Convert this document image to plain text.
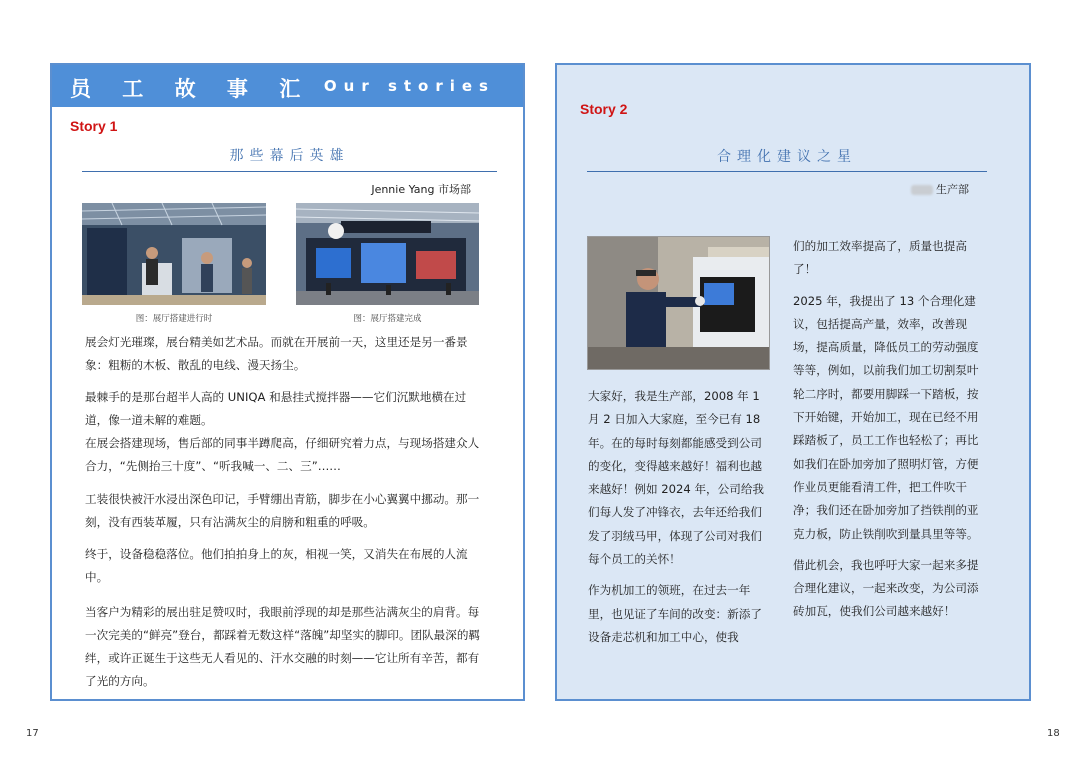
员 工 故 事 汇 Our stories
Story 1
那些幕后英雄
Jennie Yang 市场部
图：展厅搭建进行时	图：展厅搭建完成
展会灯光璀璨，展台精美如艺术品。而就在开展前一天，这里还是另一番景象：粗粝的木板、散乱的电线、漫天扬尘。
最棘手的是那台超半人高的 UNIQA 和悬挂式搅拌器——它们沉默地横在过道，像一道未解的难题。
在展会搭建现场，售后部的同事半蹲爬高，仔细研究着力点，与现场搭建众人合力，“先侧抬三十度”、“听我喊一、二、三”……
工装很快被汗水浸出深色印记，手臂绷出青筋，脚步在小心翼翼中挪动。那一刻，没有西装革履，只有沾满灰尘的肩膀和粗重的呼吸。
终于，设备稳稳落位。他们拍拍身上的灰，相视一笑，又消失在布展的人流中。
当客户为精彩的展出驻足赞叹时，我眼前浮现的却是那些沾满灰尘的肩背。每一次完美的“鲜亮”登台，都踩着无数这样“落魄”却坚实的脚印。团队最深的羁绊，或许正诞生于这些无人看见的、汗水交融的时刻——它让所有辛苦，都有了光的方向。
Story 2
合理化建议之星
生产部

大家好，我是生产部，2008 年 1 月 2 日加入大家庭，至今已有 18 年。在的每时每刻都能感受到公司的变化，变得越来越好！福利也越来越好！例如 2024 年，公司给我们每人发了冲锋衣，去年还给我们发了羽绒马甲，体现了公司对我们每个员工的关怀！

作为机加工的领班，在过去一年里，也见证了车间的改变：新添了设备走芯机和加工中心，使我

们的加工效率提高了，质量也提高了！

2025 年，我提出了 13 个合理化建议，包括提高产量，效率，改善现场，提高质量，降低员工的劳动强度等等，例如，以前我们加工切割泵叶轮二序时，都要用脚踩一下踏板，按下开始键，开始加工，现在已经不用踩踏板了，员工工作也轻松了；再比如我们在卧加旁加了照明灯管，方便作业员更能看清工件，把工件吹干净；我们还在卧加旁加了挡铁削的亚克力板，防止铁削吹到量具里等等。

借此机会，我也呼吁大家一起来多提合理化建议，一起来改变，为公司添砖加瓦，使我们公司越来越好！

17	18
